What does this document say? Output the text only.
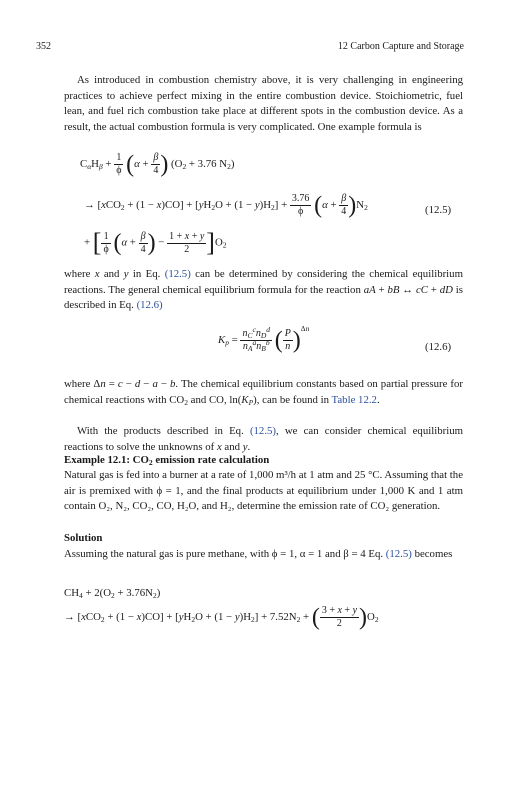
352	12 Carbon Capture and Storage

As introduced in combustion chemistry above, it is very challenging in engineering practices to achieve perfect mixing in the entire combustion device. Stoichiometric, fuel lean, and fuel rich combustion take place at different spots in the combustion device. As a result, the actual combustion formula is very complicated. One example formula is

$C_\alpha H_\beta + \frac{1}{\phi} (\alpha + \frac{\beta}{4}$ ) ($O_2 + 3.76$ $N_2$)
→ $[xCO_2 + (1 - x)CO] + [yH_2O + (1 - y)H_2] + \frac{3.76}{\phi} (\alpha + \frac{\beta}{4} )N_2$	(12.5)
+ [ $\frac{1}{\phi} (\alpha + \frac{\beta}{4}$ ) − $\frac{1 + x + y}{2} ]O_2$

where x and y in Eq. (12.5) can be determined by considering the chemical equilibrium reactions. The general chemical equilibrium formula for the reaction aA + bB ↔ cC + dD is described in Eq. (12.6)

$K_p = \frac{n_C^cn_D^d}{n_A^an_B^b}$ ( $\frac{P}{n} )^{\Delta n}$
(12.6)

where Δn = c − d − a − b. The chemical equilibrium constants based on partial pressure for chemical reactions with $CO_2$ and CO, $\ln(K_P)$, can be found in Table 12.2.

With the products described in Eq. (12.5), we can consider chemical equilibrium reactions to solve the unknowns of x and y.

Example 12.1: $CO_2$ emission rate calculation

Natural gas is fed into a burner at a rate of 1,000 m³/h at 1 atm and 25 °C. Assuming that the air is premixed with ϕ = 1, and the final products at equilibrium under 1,000 K and 1 atm contain O₂, N₂, CO₂, CO, H₂O, and H₂, determine the emission rate of CO₂ generation.

Solution

Assuming the natural gas is pure methane, with ϕ = 1, α = 1 and β = 4 Eq. (12.5) becomes

$CH_4 + 2(O_2 + 3.76N_2)$
→ $[xCO_2 + (1 - x)CO] + [yH_2O + (1 - y)H_2] + 7.52N_2$ + ( $\frac{3 + x + y}{2} )O_2$
